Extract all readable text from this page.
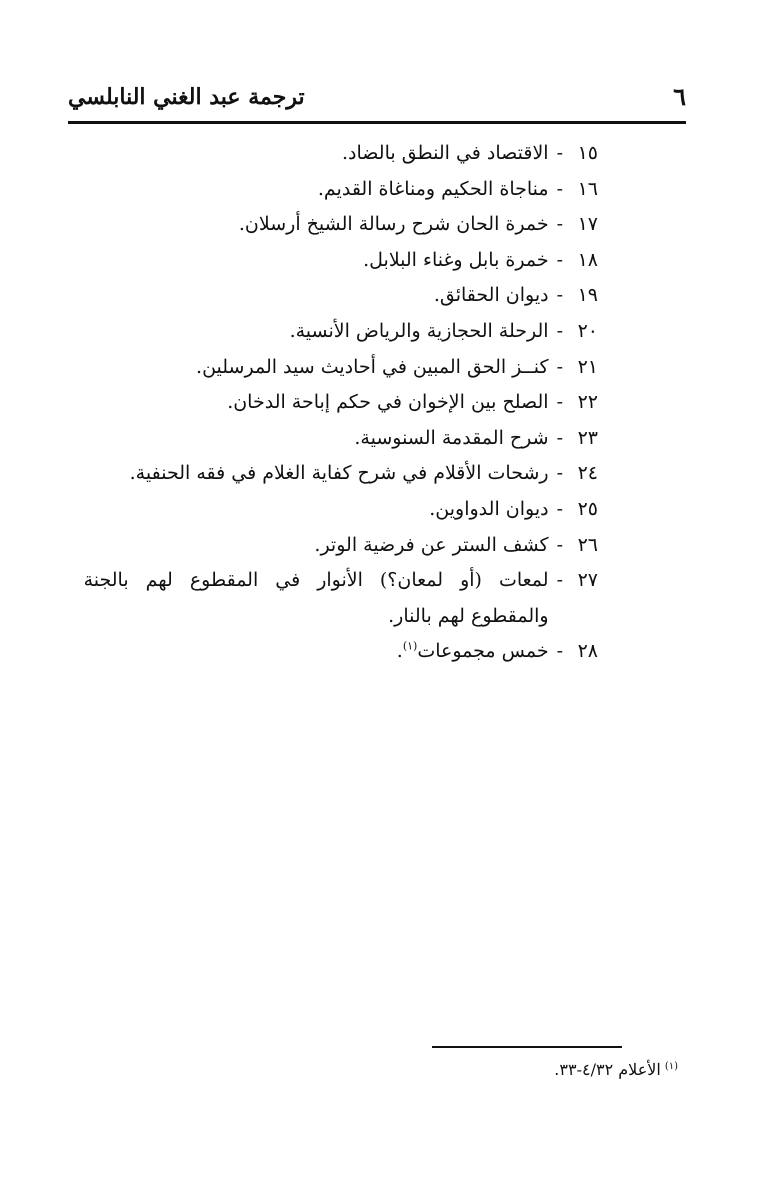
٦
ترجمة عبد الغني النابلسي
١٥
-
الاقتصاد في النطق بالضاد.
١٦
-
مناجاة الحكيم ومناغاة القديم.
١٧
-
خمرة الحان شرح رسالة الشيخ أرسلان.
١٨
-
خمرة بابل وغناء البلابل.
١٩
-
ديوان الحقائق.
٢٠
-
الرحلة الحجازية والرياض الأنسية.
٢١
-
كنــز الحق المبين في أحاديث سيد المرسلين.
٢٢
-
الصلح بين الإخوان في حكم إباحة الدخان.
٢٣
-
شرح المقدمة السنوسية.
٢٤
-
رشحات الأقلام في شرح كفاية الغلام في فقه الحنفية.
٢٥
-
ديوان الدواوين.
٢٦
-
كشف الستر عن فرضية الوتر.
٢٧
-
لمعات (أو لمعان؟) الأنوار في المقطوع لهم بالجنة والمقطوع لهم بالنار.
٢٨
-
خمس مجموعات$^{(١)}$.
$^{(١)}$الأعلام ٤/٣٢-٣٣.
